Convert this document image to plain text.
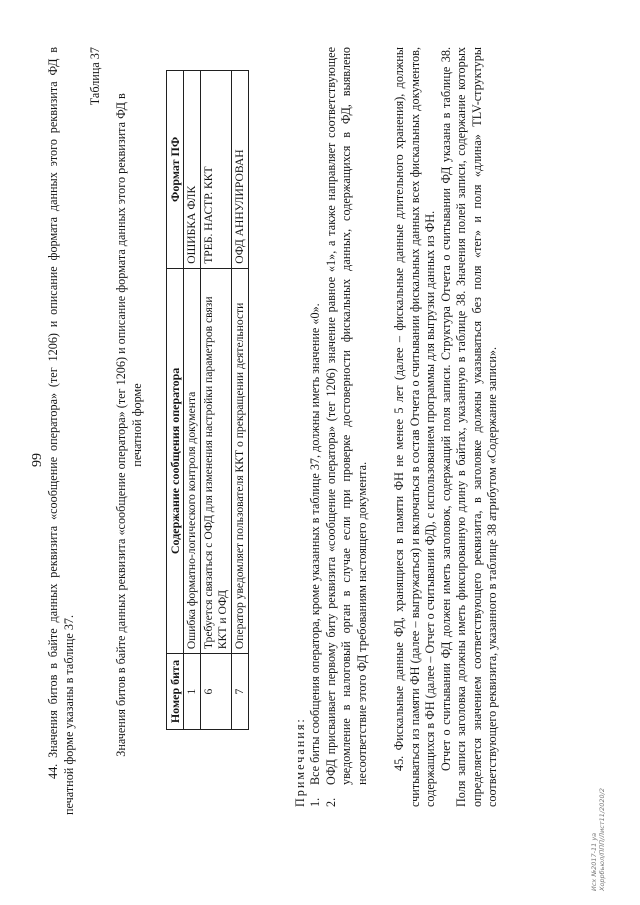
99 44. Значения битов в байте данных реквизита «сообщение оператора» (тег 1206) и описание формата данных этого реквизита ФД в печатной форме указаны в таблице 37.
Таблица 37
Значения битов в байте данных реквизита «сообщение оператора» (тег 1206) и описание формата данных этого реквизита ФД в печатной форме
Номер бита	Содержание сообщения оператора	Формат ПФ
1	Ошибка форматно-логического контроля документа	ОШИБКА ФЛК
6	Требуется связаться с ОФД для изменения настройки параметров связи ККТ и ОФД	ТРЕБ. НАСТР. ККТ
7	Оператор уведомляет пользователя ККТ о прекращении деятельности	ОФД АННУЛИРОВАН
Примечания: 1.
Все биты сообщения оператора, кроме указанных в таблице 37, должны иметь значение «0».
2.
ОФД присваивает первому биту реквизита «сообщение оператора» (тег 1206) значение равное «1», а также направляет соответствующее уведомление в налоговый орган в случае если при проверке достоверности фискальных данных, содержащихся в ФД, выявлено несоответствие этого ФД требованиям настоящего документа. 45. Фискальные данные ФД, хранящиеся в памяти ФН не менее 5 лет (далее – фискальные данные длительного хранения), должны считываться из памяти ФН (далее – выгружаться) и включаться в состав Отчета о считывании фискальных данных всех фискальных документов, содержащихся в ФН (далее – Отчет о считывании ФД), с использованием программы для выгрузки данных из ФН. Отчет о считывании ФД должен иметь заголовок, содержащий поля записи. Структура Отчета о считывании ФД указана в таблице 38. Поля записи заголовка должны иметь фиксированную длину в байтах, указанную в таблице 38. Значения полей записи, содержание которых определяется значением соответствующего реквизита, в заголовке должны указываться без поля «тег» и поля «длина» TLV-структуры соответствующего реквизита, указанного в таблице 38 атрибутом «Содержание записи».
Исх №2017-11 ya Хоррбьюл/ППП/Лист11/2020/2
